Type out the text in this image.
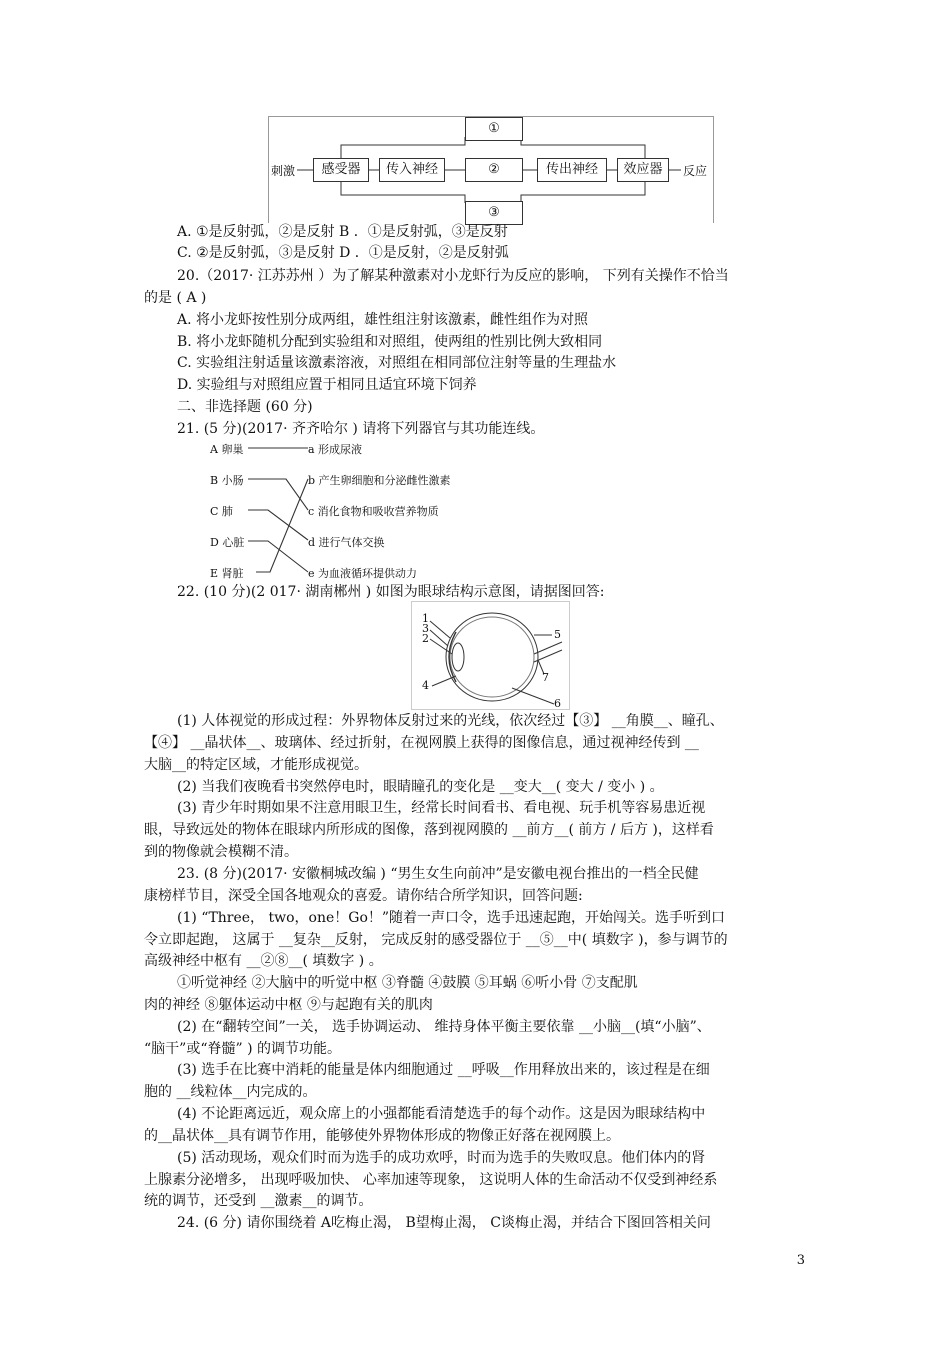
刺激	感受器	传入神经	②	传出神经	效应器	反应
①
③
A. ①是反射弧，②是反射 B ．①是反射弧，③是反射
C. ②是反射弧，③是反射 D ．①是反射，②是反射弧
20.（2017· 江苏苏州 ）为了解某种激素对小龙虾行为反应的影响， 下列有关操作不恰当
的是 ( A )
A. 将小龙虾按性别分成两组，雄性组注射该激素，雌性组作为对照
B. 将小龙虾随机分配到实验组和对照组，使两组的性别比例大致相同
C. 实验组注射适量该激素溶液，对照组在相同部位注射等量的生理盐水
D. 实验组与对照组应置于相同且适宜环境下饲养
二、非选择题 (60 分)
21. (5 分)(2017· 齐齐哈尔 ) 请将下列器官与其功能连线。
A 卵巢
B 小肠
C 肺
D 心脏
E 肾脏
a 形成尿液
b 产生卵细胞和分泌雌性激素
c 消化食物和吸收营养物质
d 进行气体交换
e 为血液循环提供动力
22. (10 分)(2 017· 湖南郴州 ) 如图为眼球结构示意图，请据图回答:
1
3
2
4
5
7
6
(1) 人体视觉的形成过程：外界物体反射过来的光线，依次经过【③】 __角膜__、瞳孔、
【④】 __晶状体__、玻璃体、经过折射，在视网膜上获得的图像信息，通过视神经传到 __
大脑__的特定区域，才能形成视觉。
(2) 当我们夜晚看书突然停电时，眼睛瞳孔的变化是 __变大__( 变大 / 变小 ) 。
(3) 青少年时期如果不注意用眼卫生，经常长时间看书、看电视、玩手机等容易患近视
眼，导致远处的物体在眼球内所形成的图像，落到视网膜的 __前方__( 前方 / 后方 )，这样看
到的物像就会模糊不清。
23. (8 分)(2017· 安徽桐城改编 ) “男生女生向前冲”是安徽电视台推出的一档全民健
康榜样节目，深受全国各地观众的喜爱。请你结合所学知识，回答问题:
(1) “Three， two，one！Go！”随着一声口令，选手迅速起跑，开始闯关。选手听到口
令立即起跑， 这属于 __复杂__反射， 完成反射的感受器位于 __⑤__中( 填数字 )，参与调节的
高级神经中枢有 __②⑧__( 填数字 ) 。
①听觉神经 ②大脑中的听觉中枢 ③脊髓 ④鼓膜 ⑤耳蜗 ⑥听小骨 ⑦支配肌
肉的神经 ⑧躯体运动中枢 ⑨与起跑有关的肌肉
(2) 在“翻转空间”一关， 选手协调运动、 维持身体平衡主要依靠 __小脑__(填“小脑”、
“脑干”或“脊髓” ) 的调节功能。
(3) 选手在比赛中消耗的能量是体内细胞通过 __呼吸__作用释放出来的，该过程是在细
胞的 __线粒体__内完成的。
(4) 不论距离远近，观众席上的小强都能看清楚选手的每个动作。这是因为眼球结构中
的__晶状体__具有调节作用，能够使外界物体形成的物像正好落在视网膜上。
(5) 活动现场，观众们时而为选手的成功欢呼，时而为选手的失败叹息。他们体内的肾
上腺素分泌增多， 出现呼吸加快、 心率加速等现象， 这说明人体的生命活动不仅受到神经系
统的调节，还受到 __激素__的调节。
24. (6 分) 请你围绕着 A吃梅止渴， B望梅止渴， C谈梅止渴，并结合下图回答相关问
3
